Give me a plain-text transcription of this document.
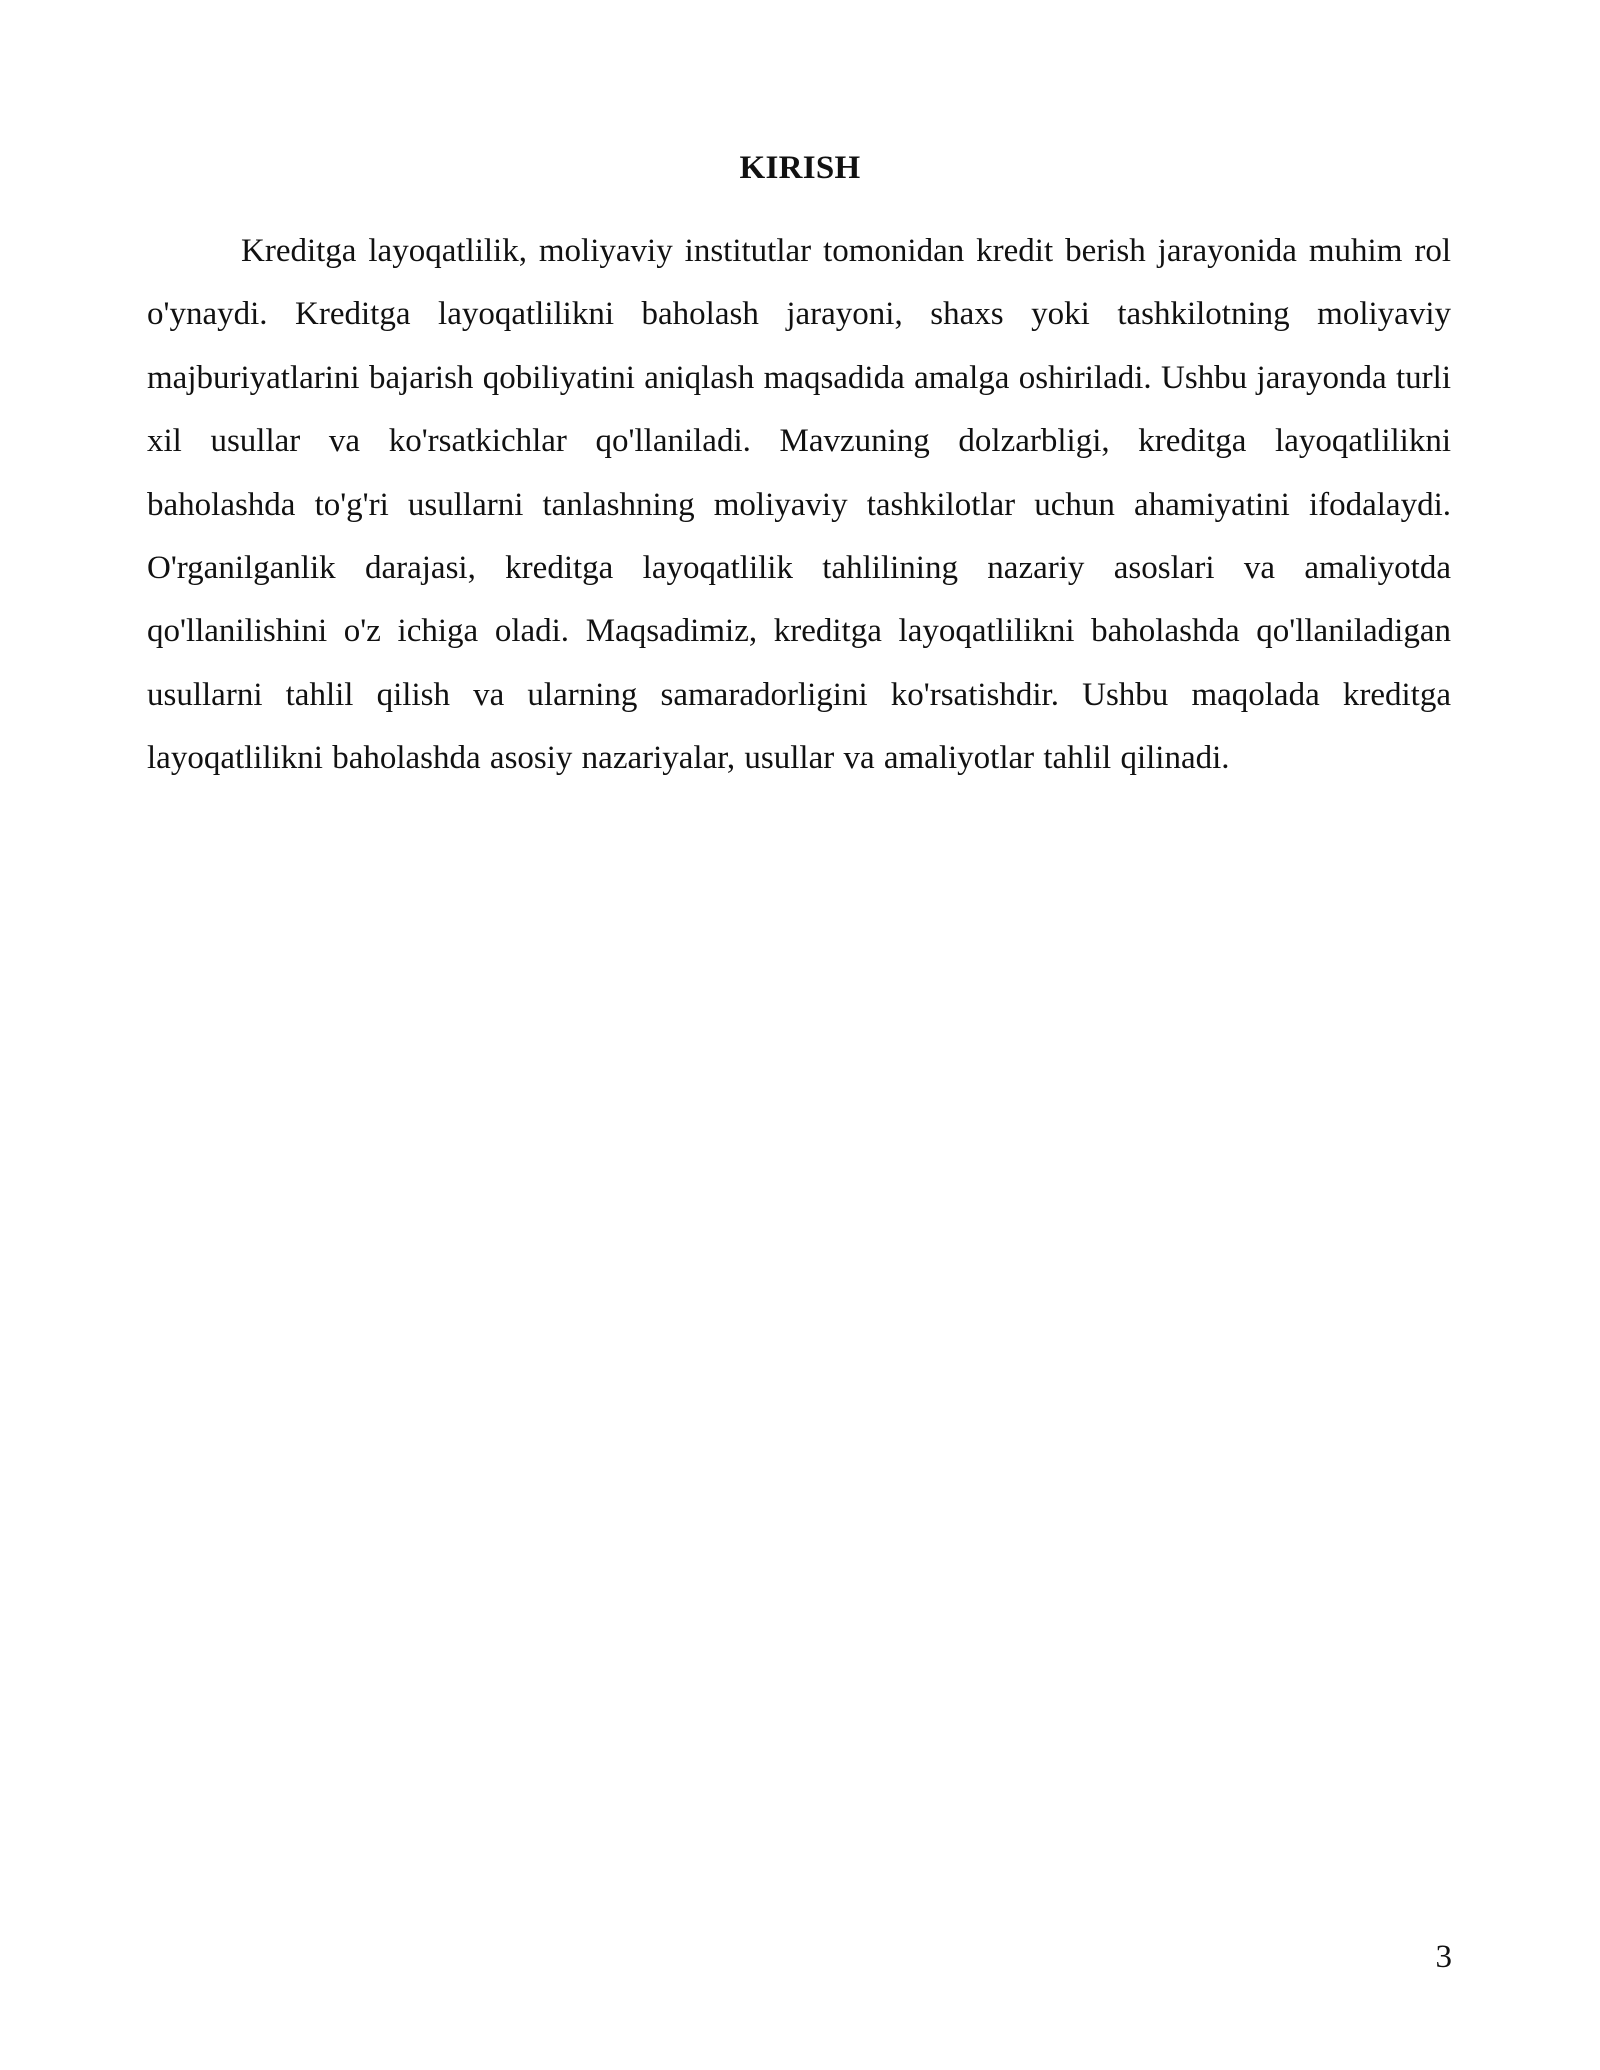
KIRISH

Kreditga layoqatlilik, moliyaviy institutlar tomonidan kredit berish jarayonida muhim rol o'ynaydi. Kreditga layoqatlilikni baholash jarayoni, shaxs yoki tashkilotning moliyaviy majburiyatlarini bajarish qobiliyatini aniqlash maqsadida amalga oshiriladi. Ushbu jarayonda turli xil usullar va ko'rsatkichlar qo'llaniladi. Mavzuning dolzarbligi, kreditga layoqatlilikni baholashda to'g'ri usullarni tanlashning moliyaviy tashkilotlar uchun ahamiyatini ifodalaydi. O'rganilganlik darajasi, kreditga layoqatlilik tahlilining nazariy asoslari va amaliyotda qo'llanilishini o'z ichiga oladi. Maqsadimiz, kreditga layoqatlilikni baholashda qo'llaniladigan usullarni tahlil qilish va ularning samaradorligini ko'rsatishdir. Ushbu maqolada kreditga layoqatlilikni baholashda asosiy nazariyalar, usullar va amaliyotlar tahlil qilinadi.

3
